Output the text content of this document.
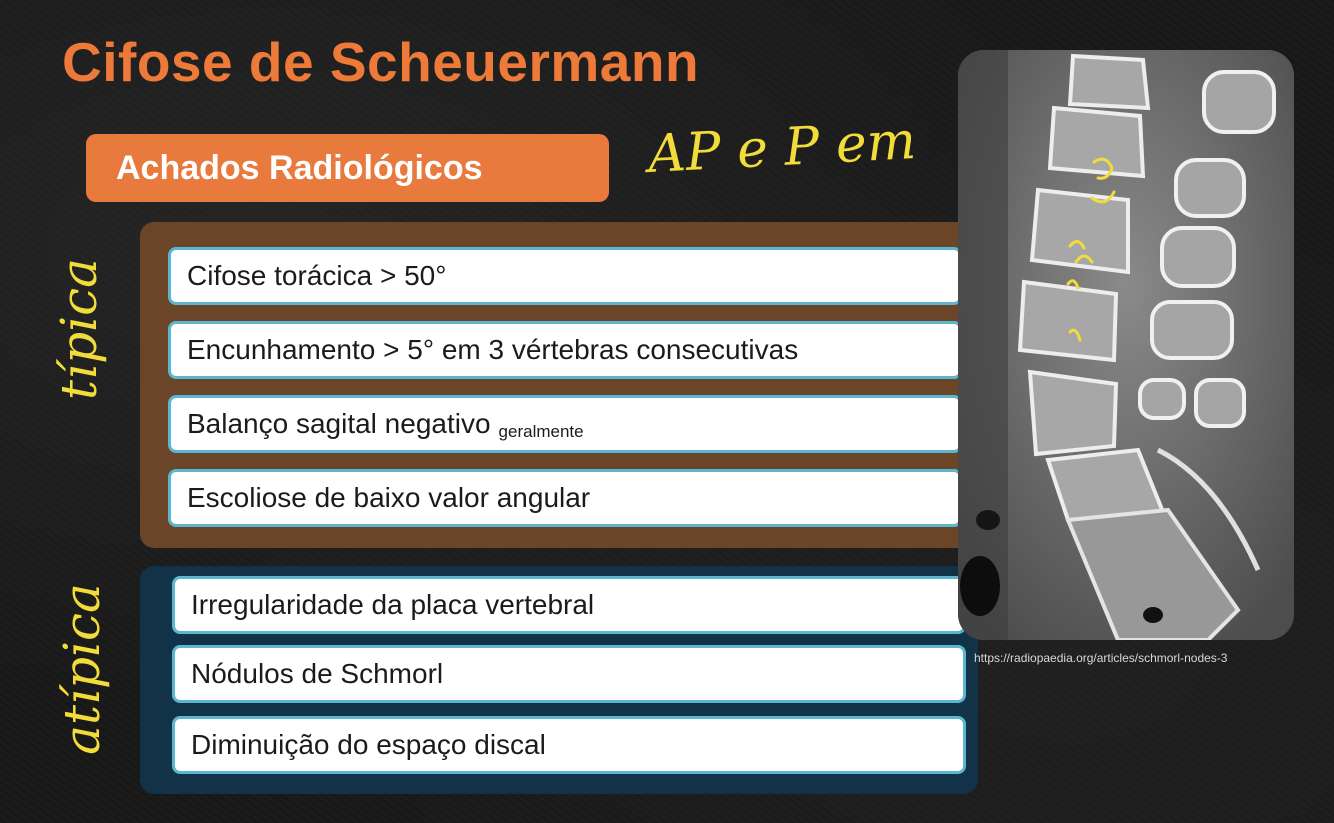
Cifose de Scheuermann
Achados Radiológicos	AP e P em
típica
atípica
Cifose torácica > 50°
Encunhamento > 5° em 3 vértebras consecutivas
Balanço sagital negativo geralmente
Escoliose de baixo valor angular
Irregularidade da placa vertebral
Nódulos de Schmorl
Diminuição do espaço discal
https://radiopaedia.org/articles/schmorl-nodes-3
